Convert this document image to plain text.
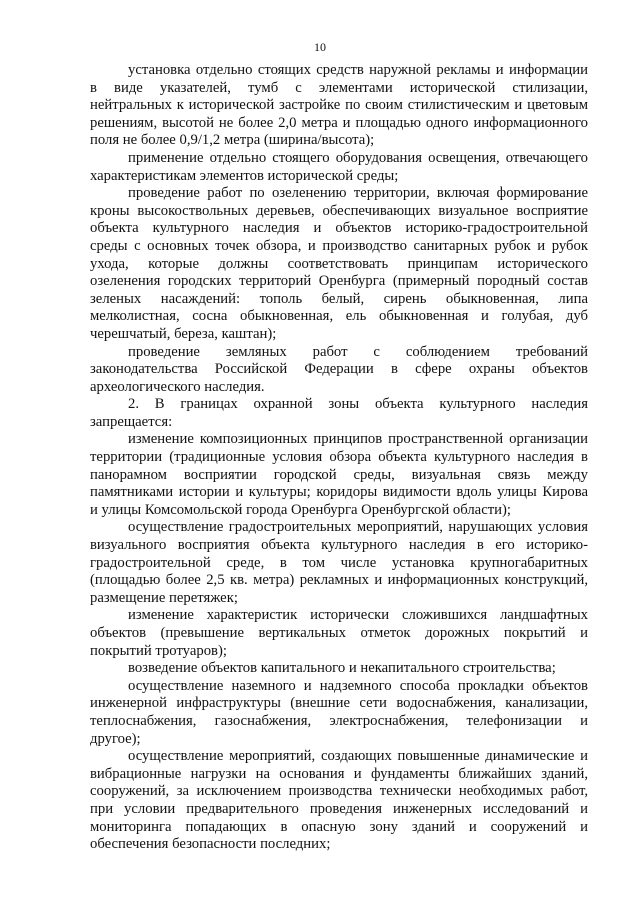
10

установка отдельно стоящих средств наружной рекламы и информации
в виде указателей, тумб с элементами исторической стилизации,
нейтральных к исторической застройке по своим стилистическим и цветовым
решениям, высотой не более 2,0 метра и площадью одного информационного
поля не более 0,9/1,2 метра (ширина/высота);

применение отдельно стоящего оборудования освещения, отвечающего
характеристикам элементов исторической среды;

проведение работ по озеленению территории, включая формирование
кроны высокоствольных деревьев, обеспечивающих визуальное восприятие
объекта культурного наследия и объектов историко-градостроительной
среды с основных точек обзора, и производство санитарных рубок и рубок
ухода, которые должны соответствовать принципам исторического
озеленения городских территорий Оренбурга (примерный породный состав
зеленых насаждений: тополь белый, сирень обыкновенная, липа
мелколистная, сосна обыкновенная, ель обыкновенная и голубая, дуб
черешчатый, береза, каштан);

проведение земляных работ с соблюдением требований
законодательства Российской Федерации в сфере охраны объектов
археологического наследия.

2. В границах охранной зоны объекта культурного наследия
запрещается:

изменение композиционных принципов пространственной организации
территории (традиционные условия обзора объекта культурного наследия в
панорамном восприятии городской среды, визуальная связь между
памятниками истории и культуры; коридоры видимости вдоль улицы Кирова
и улицы Комсомольской города Оренбурга Оренбургской области);

осуществление градостроительных мероприятий, нарушающих условия
визуального восприятия объекта культурного наследия в его историко-
градостроительной среде, в том числе установка крупногабаритных
(площадью более 2,5 кв. метра) рекламных и информационных конструкций,
размещение перетяжек;

изменение характеристик исторически сложившихся ландшафтных
объектов (превышение вертикальных отметок дорожных покрытий и
покрытий тротуаров);

возведение объектов капитального и некапитального строительства;

осуществление наземного и надземного способа прокладки объектов
инженерной инфраструктуры (внешние сети водоснабжения, канализации,
теплоснабжения, газоснабжения, электроснабжения, телефонизации и
другое);

осуществление мероприятий, создающих повышенные динамические и
вибрационные нагрузки на основания и фундаменты ближайших зданий,
сооружений, за исключением производства технически необходимых работ,
при условии предварительного проведения инженерных исследований и
мониторинга попадающих в опасную зону зданий и сооружений и
обеспечения безопасности последних;
